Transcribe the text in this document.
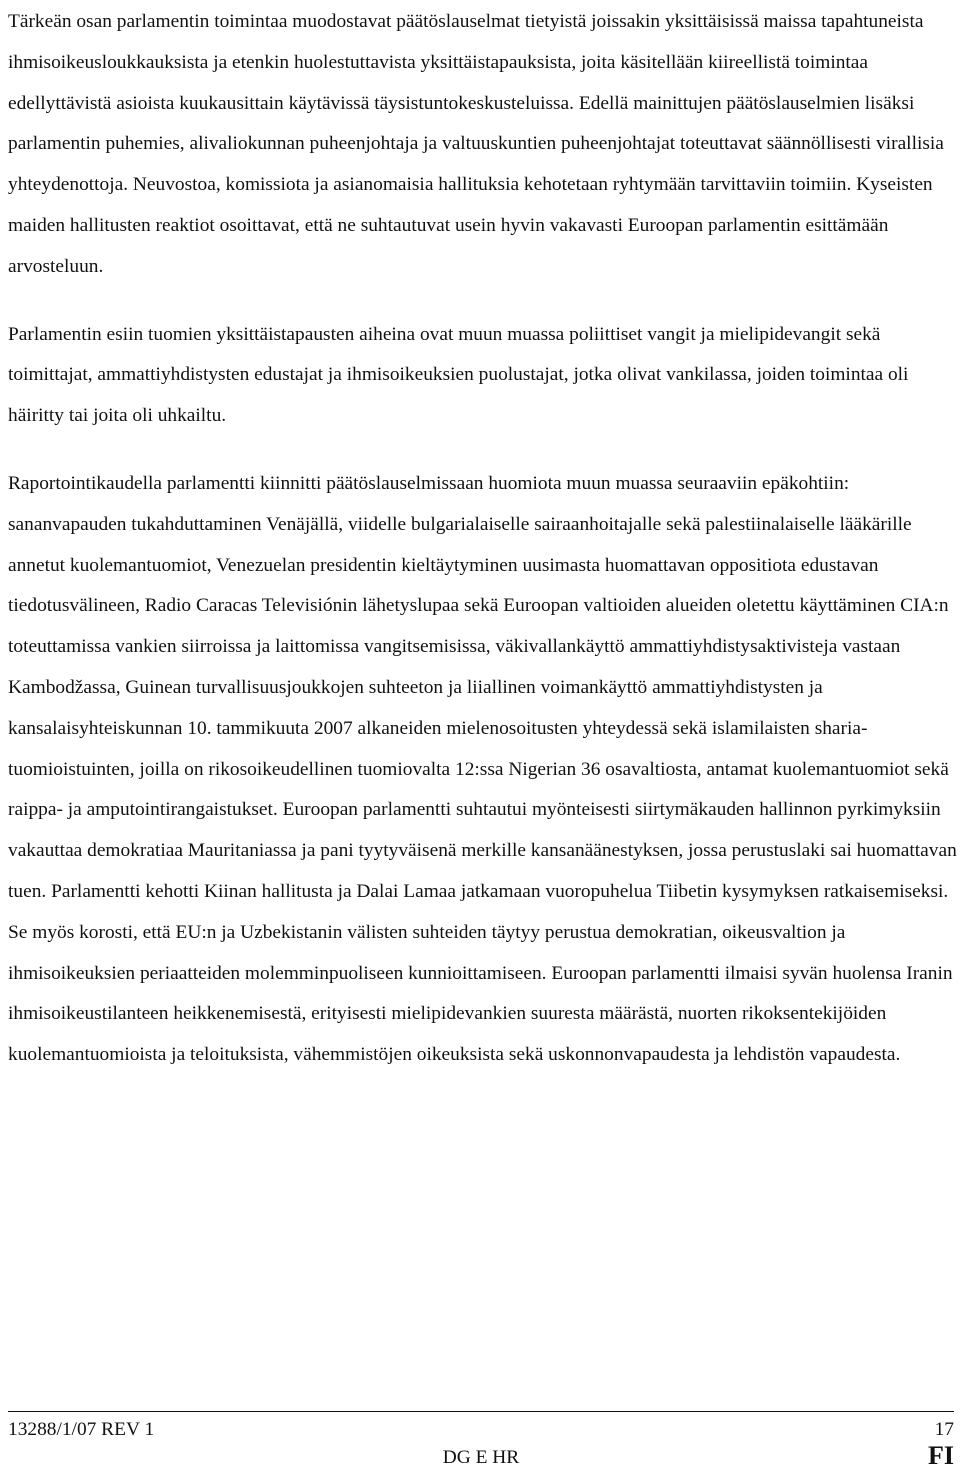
Tärkeän osan parlamentin toimintaa muodostavat päätöslauselmat tietyistä joissakin yksittäisissä maissa tapahtuneista ihmisoikeusloukkauksista ja etenkin huolestuttavista yksittäistapauksista, joita käsitellään kiireellistä toimintaa edellyttävistä asioista kuukausittain käytävissä täysistuntokeskusteluissa. Edellä mainittujen päätöslauselmien lisäksi parlamentin puhemies, alivaliokunnan puheenjohtaja ja valtuuskuntien puheenjohtajat toteuttavat säännöllisesti virallisia yhteydenottoja. Neuvostoa, komissiota ja asianomaisia hallituksia kehotetaan ryhtymään tarvittaviin toimiin. Kyseisten maiden hallitusten reaktiot osoittavat, että ne suhtautuvat usein hyvin vakavasti Euroopan parlamentin esittämään arvosteluun.

Parlamentin esiin tuomien yksittäistapausten aiheina ovat muun muassa poliittiset vangit ja mielipidevangit sekä toimittajat, ammattiyhdistysten edustajat ja ihmisoikeuksien puolustajat, jotka olivat vankilassa, joiden toimintaa oli häiritty tai joita oli uhkailtu.

Raportointikaudella parlamentti kiinnitti päätöslauselmissaan huomiota muun muassa seuraaviin epäkohtiin: sananvapauden tukahduttaminen Venäjällä, viidelle bulgarialaiselle sairaanhoitajalle sekä palestiinalaiselle lääkärille annetut kuolemantuomiot, Venezuelan presidentin kieltäytyminen uusimasta huomattavan oppositiota edustavan tiedotusvälineen, Radio Caracas Televisiónin lähetyslupaa sekä Euroopan valtioiden alueiden oletettu käyttäminen CIA:n toteuttamissa vankien siirroissa ja laittomissa vangitsemisissa, väkivallankäyttö ammattiyhdistysaktivisteja vastaan Kambodžassa, Guinean turvallisuusjoukkojen suhteeton ja liiallinen voimankäyttö ammattiyhdistysten ja kansalaisyhteiskunnan 10. tammikuuta 2007 alkaneiden mielenosoitusten yhteydessä sekä islamilaisten sharia-tuomioistuinten, joilla on rikosoikeudellinen tuomiovalta 12:ssa Nigerian 36 osavaltiosta, antamat kuolemantuomiot sekä raippa- ja amputointirangaistukset. Euroopan parlamentti suhtautui myönteisesti siirtymäkauden hallinnon pyrkimyksiin vakauttaa demokratiaa Mauritaniassa ja pani tyytyväisenä merkille kansanäänestyksen, jossa perustuslaki sai huomattavan tuen. Parlamentti kehotti Kiinan hallitusta ja Dalai Lamaa jatkamaan vuoropuhelua Tiibetin kysymyksen ratkaisemiseksi. Se myös korosti, että EU:n ja Uzbekistanin välisten suhteiden täytyy perustua demokratian, oikeusvaltion ja ihmisoikeuksien periaatteiden molemminpuoliseen kunnioittamiseen. Euroopan parlamentti ilmaisi syvän huolensa Iranin ihmisoikeustilanteen heikkenemisestä, erityisesti mielipidevankien suuresta määrästä, nuorten rikoksentekijöiden kuolemantuomioista ja teloituksista, vähemmistöjen oikeuksista sekä uskonnonvapaudesta ja lehdistön vapaudesta.

13288/1/07 REV 1	17
DG E HR	FI
